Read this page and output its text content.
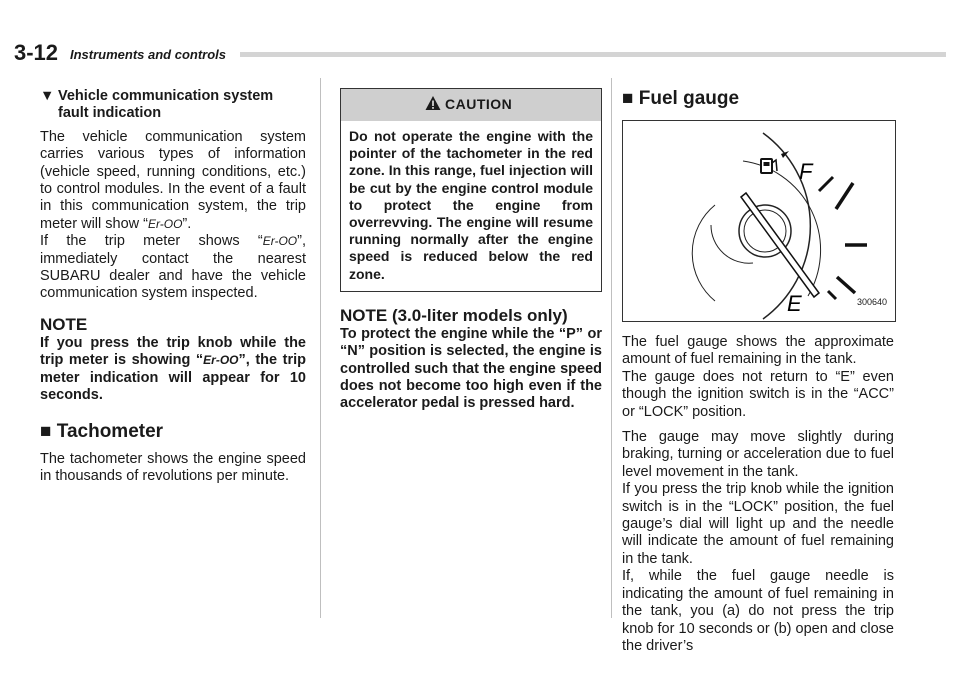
3-12 Instruments and controls
▼ Vehicle communication system fault indication

The vehicle communication system carries various types of information (vehicle speed, running conditions, etc.) to control modules. In the event of a fault in this communication system, the trip meter will show “Er-OO”.

If the trip meter shows “Er-OO”, immediately contact the nearest SUBARU dealer and have the vehicle communication system inspected.

NOTE

If you press the trip knob while the trip meter is showing “Er-OO”, the trip meter indication will appear for 10 seconds.

■ Tachometer

The tachometer shows the engine speed in thousands of revolutions per minute.

CAUTION
Do not operate the engine with the pointer of the tachometer in the red zone. In this range, fuel injection will be cut by the engine control module to protect the engine from overrevving. The engine will resume running normally after the engine speed is reduced below the red zone.
NOTE (3.0-liter models only)

To protect the engine while the “P” or “N” position is selected, the engine is controlled such that the engine speed does not become too high even if the accelerator pedal is pressed hard.

■ Fuel gauge
F
E	300640

The fuel gauge shows the approximate amount of fuel remaining in the tank.

The gauge does not return to “E” even though the ignition switch is in the “ACC” or “LOCK” position.

The gauge may move slightly during braking, turning or acceleration due to fuel level movement in the tank.

If you press the trip knob while the ignition switch is in the “LOCK” position, the fuel gauge’s dial will light up and the needle will indicate the amount of fuel remaining in the tank.

If, while the fuel gauge needle is indicating the amount of fuel remaining in the tank, you (a) do not press the trip knob for 10 seconds or (b) open and close the driver’s
